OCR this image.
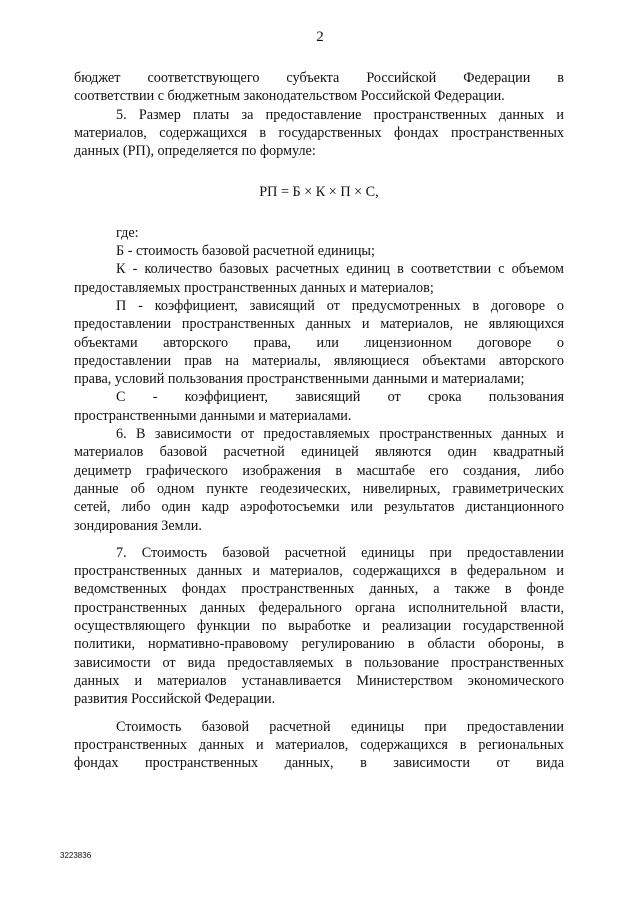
2
бюджет соответствующего субъекта Российской Федерации в
соответствии с бюджетным законодательством Российской Федерации.
5. Размер платы за предоставление пространственных данных и
материалов, содержащихся в государственных фондах пространственных
данных (РП), определяется по формуле:
РП = Б × К × П × С,
где:
Б - стоимость базовой расчетной единицы;
К - количество базовых расчетных единиц в соответствии с объемом
предоставляемых пространственных данных и материалов;
П - коэффициент, зависящий от предусмотренных в договоре о
предоставлении пространственных данных и материалов, не являющихся
объектами авторского права, или лицензионном договоре о
предоставлении прав на материалы, являющиеся объектами авторского
права, условий пользования пространственными данными и материалами;
С - коэффициент, зависящий от срока пользования
пространственными данными и материалами.
6. В зависимости от предоставляемых пространственных данных и
материалов базовой расчетной единицей являются один квадратный
дециметр графического изображения в масштабе его создания, либо
данные об одном пункте геодезических, нивелирных, гравиметрических
сетей, либо один кадр аэрофотосъемки или результатов дистанционного
зондирования Земли.
7. Стоимость базовой расчетной единицы при предоставлении
пространственных данных и материалов, содержащихся в федеральном и
ведомственных фондах пространственных данных, а также в фонде
пространственных данных федерального органа исполнительной власти,
осуществляющего функции по выработке и реализации государственной
политики, нормативно-правовому регулированию в области обороны, в
зависимости от вида предоставляемых в пользование пространственных
данных и материалов устанавливается Министерством экономического
развития Российской Федерации.
Стоимость базовой расчетной единицы при предоставлении
пространственных данных и материалов, содержащихся в региональных
фондах пространственных данных, в зависимости от вида
3223836
